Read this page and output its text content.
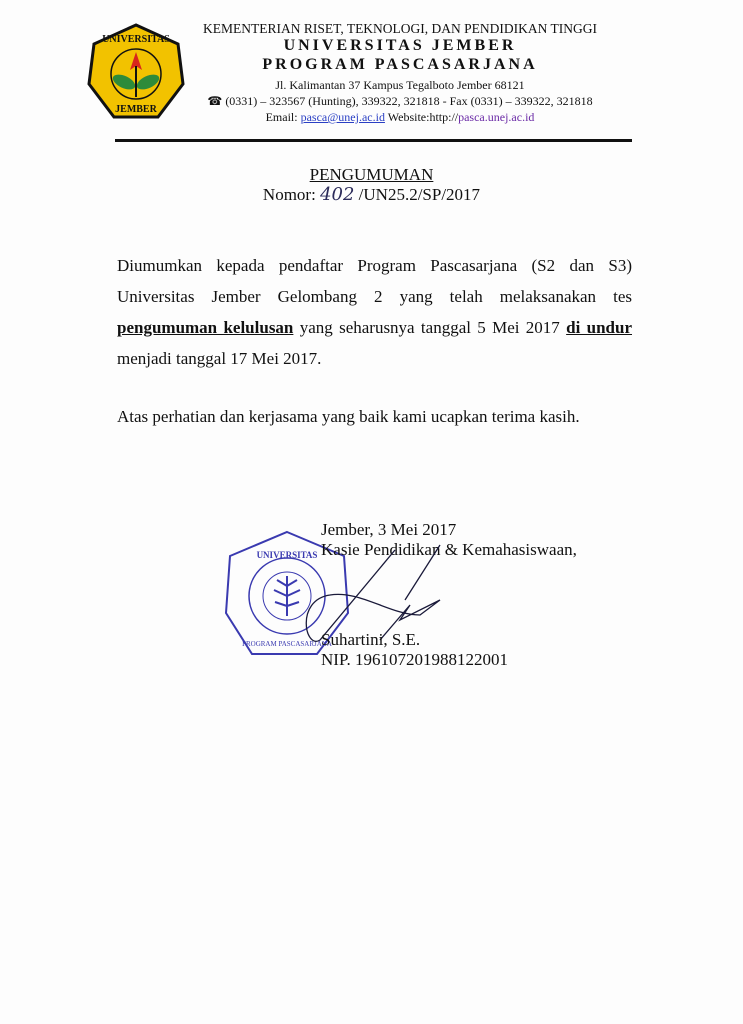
UNIVERSITAS
JEMBER
KEMENTERIAN RISET, TEKNOLOGI, DAN PENDIDIKAN TINGGI
UNIVERSITAS JEMBER
PROGRAM PASCASARJANA
Jl. Kalimantan 37 Kampus Tegalboto Jember 68121
☎ (0331) – 323567 (Hunting), 339322, 321818 - Fax (0331) – 339322, 321818
Email: pasca@unej.ac.id Website:http://pasca.unej.ac.id
PENGUMUMAN
Nomor: 402 /UN25.2/SP/2017
Diumumkan kepada pendaftar Program Pascasarjana (S2 dan S3) Universitas Jember Gelombang 2 yang telah melaksanakan tes pengumuman kelulusan yang seharusnya tanggal 5 Mei 2017 di undur menjadi tanggal 17 Mei 2017.
Atas perhatian dan kerjasama yang baik kami ucapkan terima kasih.
UNIVERSITAS
PROGRAM PASCASARJANA
Jember, 3 Mei 2017
Kasie Pendidikan & Kemahasiswaan,
Suhartini, S.E.
NIP. 196107201988122001
